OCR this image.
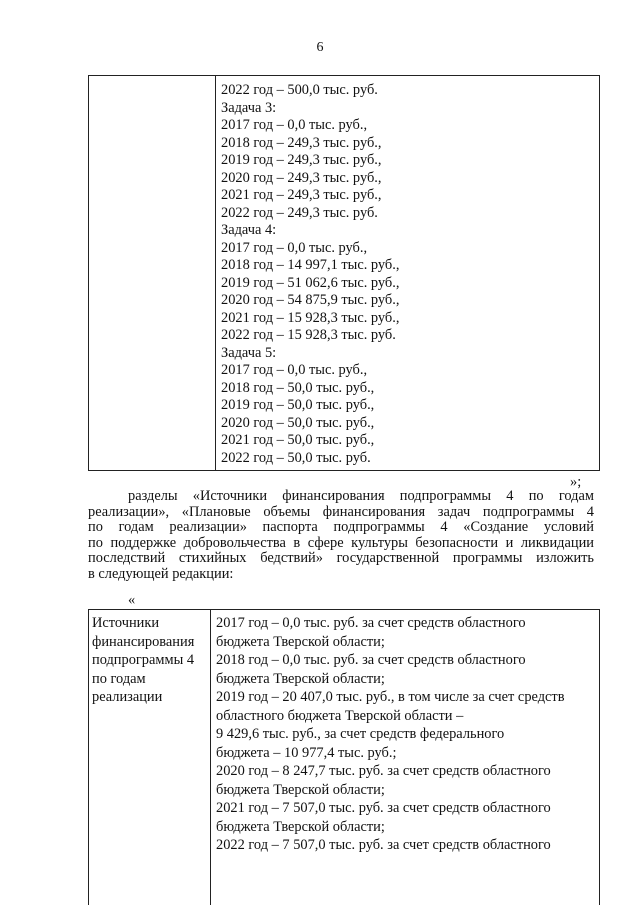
6
2022 год – 500,0 тыс. руб.
Задача 3:
2017 год – 0,0 тыс. руб.,
2018 год – 249,3 тыс. руб.,
2019 год – 249,3 тыс. руб.,
2020 год – 249,3 тыс. руб.,
2021 год – 249,3 тыс. руб.,
2022 год – 249,3 тыс. руб.
Задача 4:
2017 год – 0,0 тыс. руб.,
2018 год – 14 997,1 тыс. руб.,
2019 год – 51 062,6 тыс. руб.,
2020 год – 54 875,9 тыс. руб.,
2021 год – 15 928,3 тыс. руб.,
2022 год – 15 928,3 тыс. руб.
Задача 5:
2017 год – 0,0 тыс. руб.,
2018 год – 50,0 тыс. руб.,
2019 год – 50,0 тыс. руб.,
2020 год – 50,0 тыс. руб.,
2021 год – 50,0 тыс. руб.,
2022 год – 50,0 тыс. руб.
»;
разделы «Источники финансирования подпрограммы 4 по годам
реализации», «Плановые объемы финансирования задач подпрограммы 4
по годам реализации» паспорта подпрограммы 4 «Создание условий
по поддержке добровольчества в сфере культуры безопасности и ликвидации
последствий стихийных бедствий» государственной программы изложить
в следующей редакции:
«
Источники
финансирования
подпрограммы 4
по годам
реализации
2017 год – 0,0 тыс. руб. за счет средств областного
бюджета Тверской области;
2018 год – 0,0 тыс. руб. за счет средств областного
бюджета Тверской области;
2019 год – 20 407,0 тыс. руб., в том числе за счет средств
областного бюджета Тверской области –
9 429,6 тыс. руб., за счет средств федерального
бюджета – 10 977,4 тыс. руб.;
2020 год – 8 247,7 тыс. руб. за счет средств областного
бюджета Тверской области;
2021 год – 7 507,0 тыс. руб. за счет средств областного
бюджета Тверской области;
2022 год – 7 507,0 тыс. руб. за счет средств областного
